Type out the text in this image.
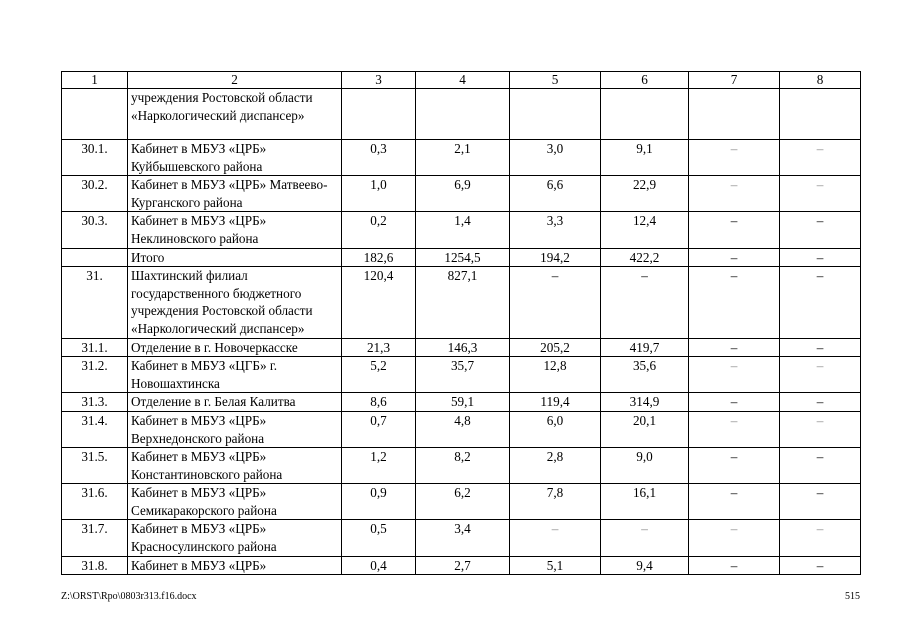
1	2	3	4	5	6	7	8
	учреждения Ростовской области «Наркологический диспансер»						
30.1.	Кабинет в МБУЗ «ЦРБ» Куйбышевского района	0,3	2,1	3,0	9,1	–	–
30.2.	Кабинет в МБУЗ «ЦРБ» Матвеево-Курганского района	1,0	6,9	6,6	22,9	–	–
30.3.	Кабинет в МБУЗ «ЦРБ» Неклиновского района	0,2	1,4	3,3	12,4	–	–
	Итого	182,6	1254,5	194,2	422,2	–	–
31.	Шахтинский филиал государственного бюджетного учреждения Ростовской области «Наркологический диспансер»	120,4	827,1	–	–	–	–
31.1.	Отделение в г. Новочеркасске	21,3	146,3	205,2	419,7	–	–
31.2.	Кабинет в МБУЗ «ЦГБ» г. Новошахтинска	5,2	35,7	12,8	35,6	–	–
31.3.	Отделение в г. Белая Калитва	8,6	59,1	119,4	314,9	–	–
31.4.	Кабинет в МБУЗ «ЦРБ» Верхнедонского района	0,7	4,8	6,0	20,1	–	–
31.5.	Кабинет в МБУЗ «ЦРБ» Константиновского района	1,2	8,2	2,8	9,0	–	–
31.6.	Кабинет в МБУЗ «ЦРБ» Семикаракорского района	0,9	6,2	7,8	16,1	–	–
31.7.	Кабинет в МБУЗ «ЦРБ» Красносулинского района	0,5	3,4	–	–	–	–
31.8.	Кабинет в МБУЗ «ЦРБ»	0,4	2,7	5,1	9,4	–	–
Z:\ORST\Rpo\0803r313.f16.docx	515
